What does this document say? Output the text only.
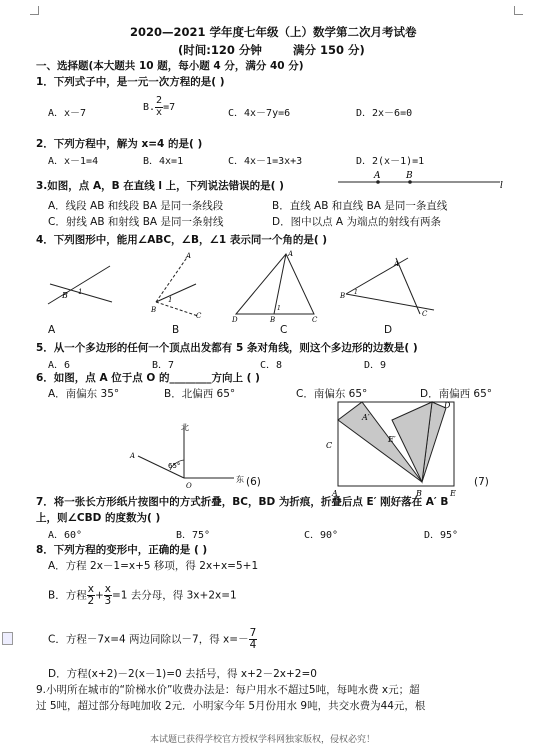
2020—2021 学年度七年级（上）数学第二次月考试卷
(时间:120 分钟	满分 150 分)
一、选择题(本大题共 10 题，每小题 4 分，满分 40 分)
1．下列式子中，是一元一次方程的是( )
A．x－7
B. $\frac{2}{x} =7$
C．4x－7y=6	D．2x－6=0
2．下列方程中，解为 x=4 的是( )
A．x－1=4	B．4x=1	C．4x－1=3x+3	D．2(x－1)=1
3.如图，点 A，B 在直线 l 上，下列说法错误的是( )
A	B
l
A．线段 AB 和线段 BA 是同一条线段	B．直线 AB 和直线 BA 是同一条直线
C．射线 AB 和射线 BA 是同一条射线	D．图中以点 A 为端点的射线有两条
4．下列图形中，能用∠ABC，∠B，∠1 表示同一个角的是( )
B 1
A
B
1
C
A
D	B	C
1
A
B 1
C
A	B	C	D
5．从一个多边形的任何一个顶点出发都有 5 条对角线，则这个多边形的边数是( )
A．6	B．7	C．8	D．9
6．如图，点 A 位于点 O 的________方向上 ( )
A．南偏东 35°	B．北偏西 65°	C．南偏东 65°	D．南偏西 65°
北
东
65°
O
A
(6)
A′
E′
C
A	B	E
D
(7)
7．将一张长方形纸片按图中的方式折叠，BC，BD 为折痕，折叠后点 E′ 刚好落在 A′ B
上，则∠CBD 的度数为( )
A．60°	B．75°	C．90°	D．95°
8．下列方程的变形中，正确的是 ( )
A．方程 2x－1=x+5 移项，得 2x+x=5+1
B．方程 $\frac{x}{2} + \frac{x}{3} =1$ 去分母，得 3x+2x=1
C．方程－7x=4 两边同除以－7，得 $x=- \frac{7}{4}$
D．方程(x+2)－2(x－1)=0 去括号，得 x+2－2x+2=0
9.小明所在城市的“阶梯水价”收费办法是：每户用水不超过5吨，每吨水费 x元；超
过 5吨，超过部分每吨加收 2元．小明家今年 5月份用水 9吨，共交水费为44元，根
本试题已获得学校官方授权学科网独家版权，侵权必究！
